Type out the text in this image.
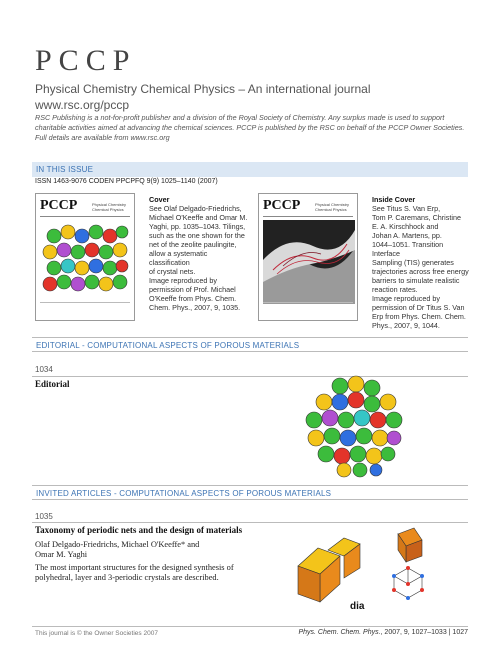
PCCP
Physical Chemistry Chemical Physics – An international journal
www.rsc.org/pccp
RSC Publishing is a not-for-profit publisher and a division of the Royal Society of Chemistry. Any surplus made is used to support charitable activities aimed at advancing the chemical sciences. PCCP is published by the RSC on behalf of the PCCP Owner Societies. Full details are available from www.rsc.org
IN THIS ISSUE
ISSN 1463-9076 CODEN PPCPFQ 9(9) 1025–1140 (2007)
PCCP	Physical Chemistry Chemical Physics
Cover
See Olaf Delgado-Friedrichs,
Michael O'Keeffe and Omar M.
Yaghi, pp. 1035–1043. Tilings,
such as the one shown for the
net of the zeolite paulingite,
allow a systematic classification
of crystal nets.
Image reproduced by
permission of Prof. Michael
O'Keeffe from Phys. Chem.
Chem. Phys., 2007, 9, 1035.
PCCP	Physical Chemistry Chemical Physics
Inside Cover
See Titus S. Van Erp,
Tom P. Caremans, Christine
E. A. Kirschhock and
Johan A. Martens, pp.
1044–1051. Transition Interface
Sampling (TIS) generates
trajectories across free energy
barriers to simulate realistic
reaction rates.
Image reproduced by
permission of Dr Titus S. Van
Erp from Phys. Chem. Chem.
Phys., 2007, 9, 1044.
EDITORIAL - COMPUTATIONAL ASPECTS OF POROUS MATERIALS
1034
Editorial
INVITED ARTICLES - COMPUTATIONAL ASPECTS OF POROUS MATERIALS
1035
Taxonomy of periodic nets and the design of materials
Olaf Delgado-Friedrichs, Michael O'Keeffe* and
Omar M. Yaghi
The most important structures for the designed synthesis of
polyhedral, layer and 3-periodic crystals are described.
dia
This journal is © the Owner Societies 2007	Phys. Chem. Chem. Phys., 2007, 9, 1027–1033 | 1027
